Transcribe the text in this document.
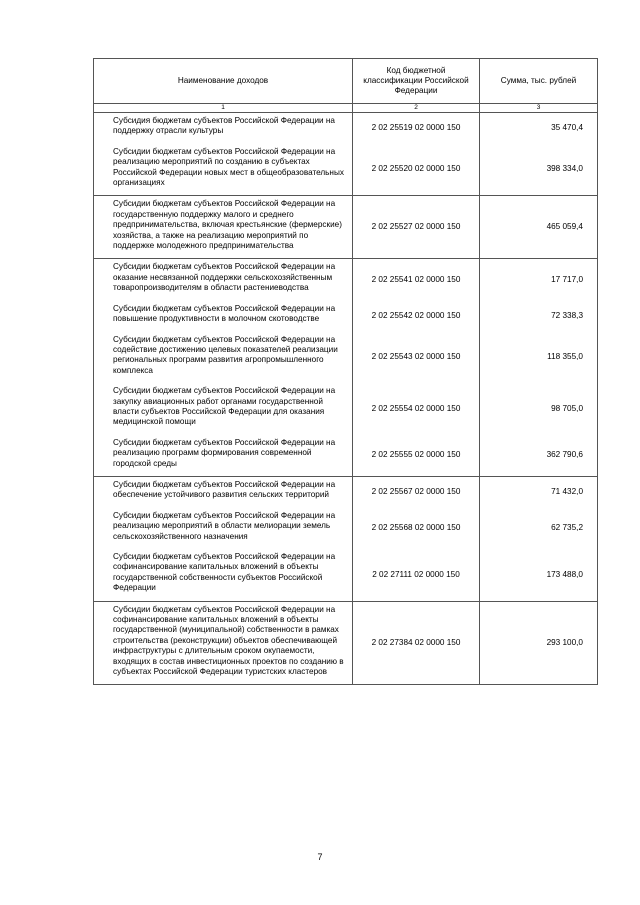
Наименование доходов	Код бюджетной классификации Российской Федерации	Сумма, тыс. рублей
1	2	3
Субсидия бюджетам субъектов Российской Федерации на поддержку отрасли культуры	2 02 25519 02 0000 150	35 470,4
Субсидии бюджетам субъектов Российской Федерации на реализацию мероприятий по созданию в субъектах Российской Федерации новых мест в общеобразовательных организациях	2 02 25520 02 0000 150	398 334,0
Субсидии бюджетам субъектов Российской Федерации на государственную поддержку малого и среднего предпринимательства, включая крестьянские (фермерские) хозяйства, а также на реализацию мероприятий по поддержке молодежного предпринимательства	2 02 25527 02 0000 150	465 059,4
Субсидии бюджетам субъектов Российской Федерации на оказание несвязанной поддержки сельскохозяйственным товаропроизводителям в области растениеводства	2 02 25541 02 0000 150	17 717,0
Субсидии бюджетам субъектов Российской Федерации на повышение продуктивности в молочном скотоводстве	2 02 25542 02 0000 150	72 338,3
Субсидии бюджетам субъектов Российской Федерации на содействие достижению целевых показателей реализации региональных программ развития агропромышленного комплекса	2 02 25543 02 0000 150	118 355,0
Субсидии бюджетам субъектов Российской Федерации на закупку авиационных работ органами государственной власти субъектов Российской Федерации для оказания медицинской помощи	2 02 25554 02 0000 150	98 705,0
Субсидии бюджетам субъектов Российской Федерации на реализацию программ формирования современной городской среды	2 02 25555 02 0000 150	362 790,6
Субсидии бюджетам субъектов Российской Федерации на обеспечение устойчивого развития сельских территорий	2 02 25567 02 0000 150	71 432,0
Субсидии бюджетам субъектов Российской Федерации на реализацию мероприятий в области мелиорации земель сельскохозяйственного назначения	2 02 25568 02 0000 150	62 735,2
Субсидии бюджетам субъектов Российской Федерации на софинансирование капитальных вложений в объекты государственной собственности субъектов Российской Федерации	2 02 27111 02 0000 150	173 488,0
Субсидии бюджетам субъектов Российской Федерации на софинансирование капитальных вложений в объекты государственной (муниципальной) собственности в рамках строительства (реконструкции) объектов обеспечивающей инфраструктуры с длительным сроком окупаемости, входящих в состав инвестиционных проектов по созданию в субъектах Российской Федерации туристских кластеров	2 02 27384 02 0000 150	293 100,0
7
